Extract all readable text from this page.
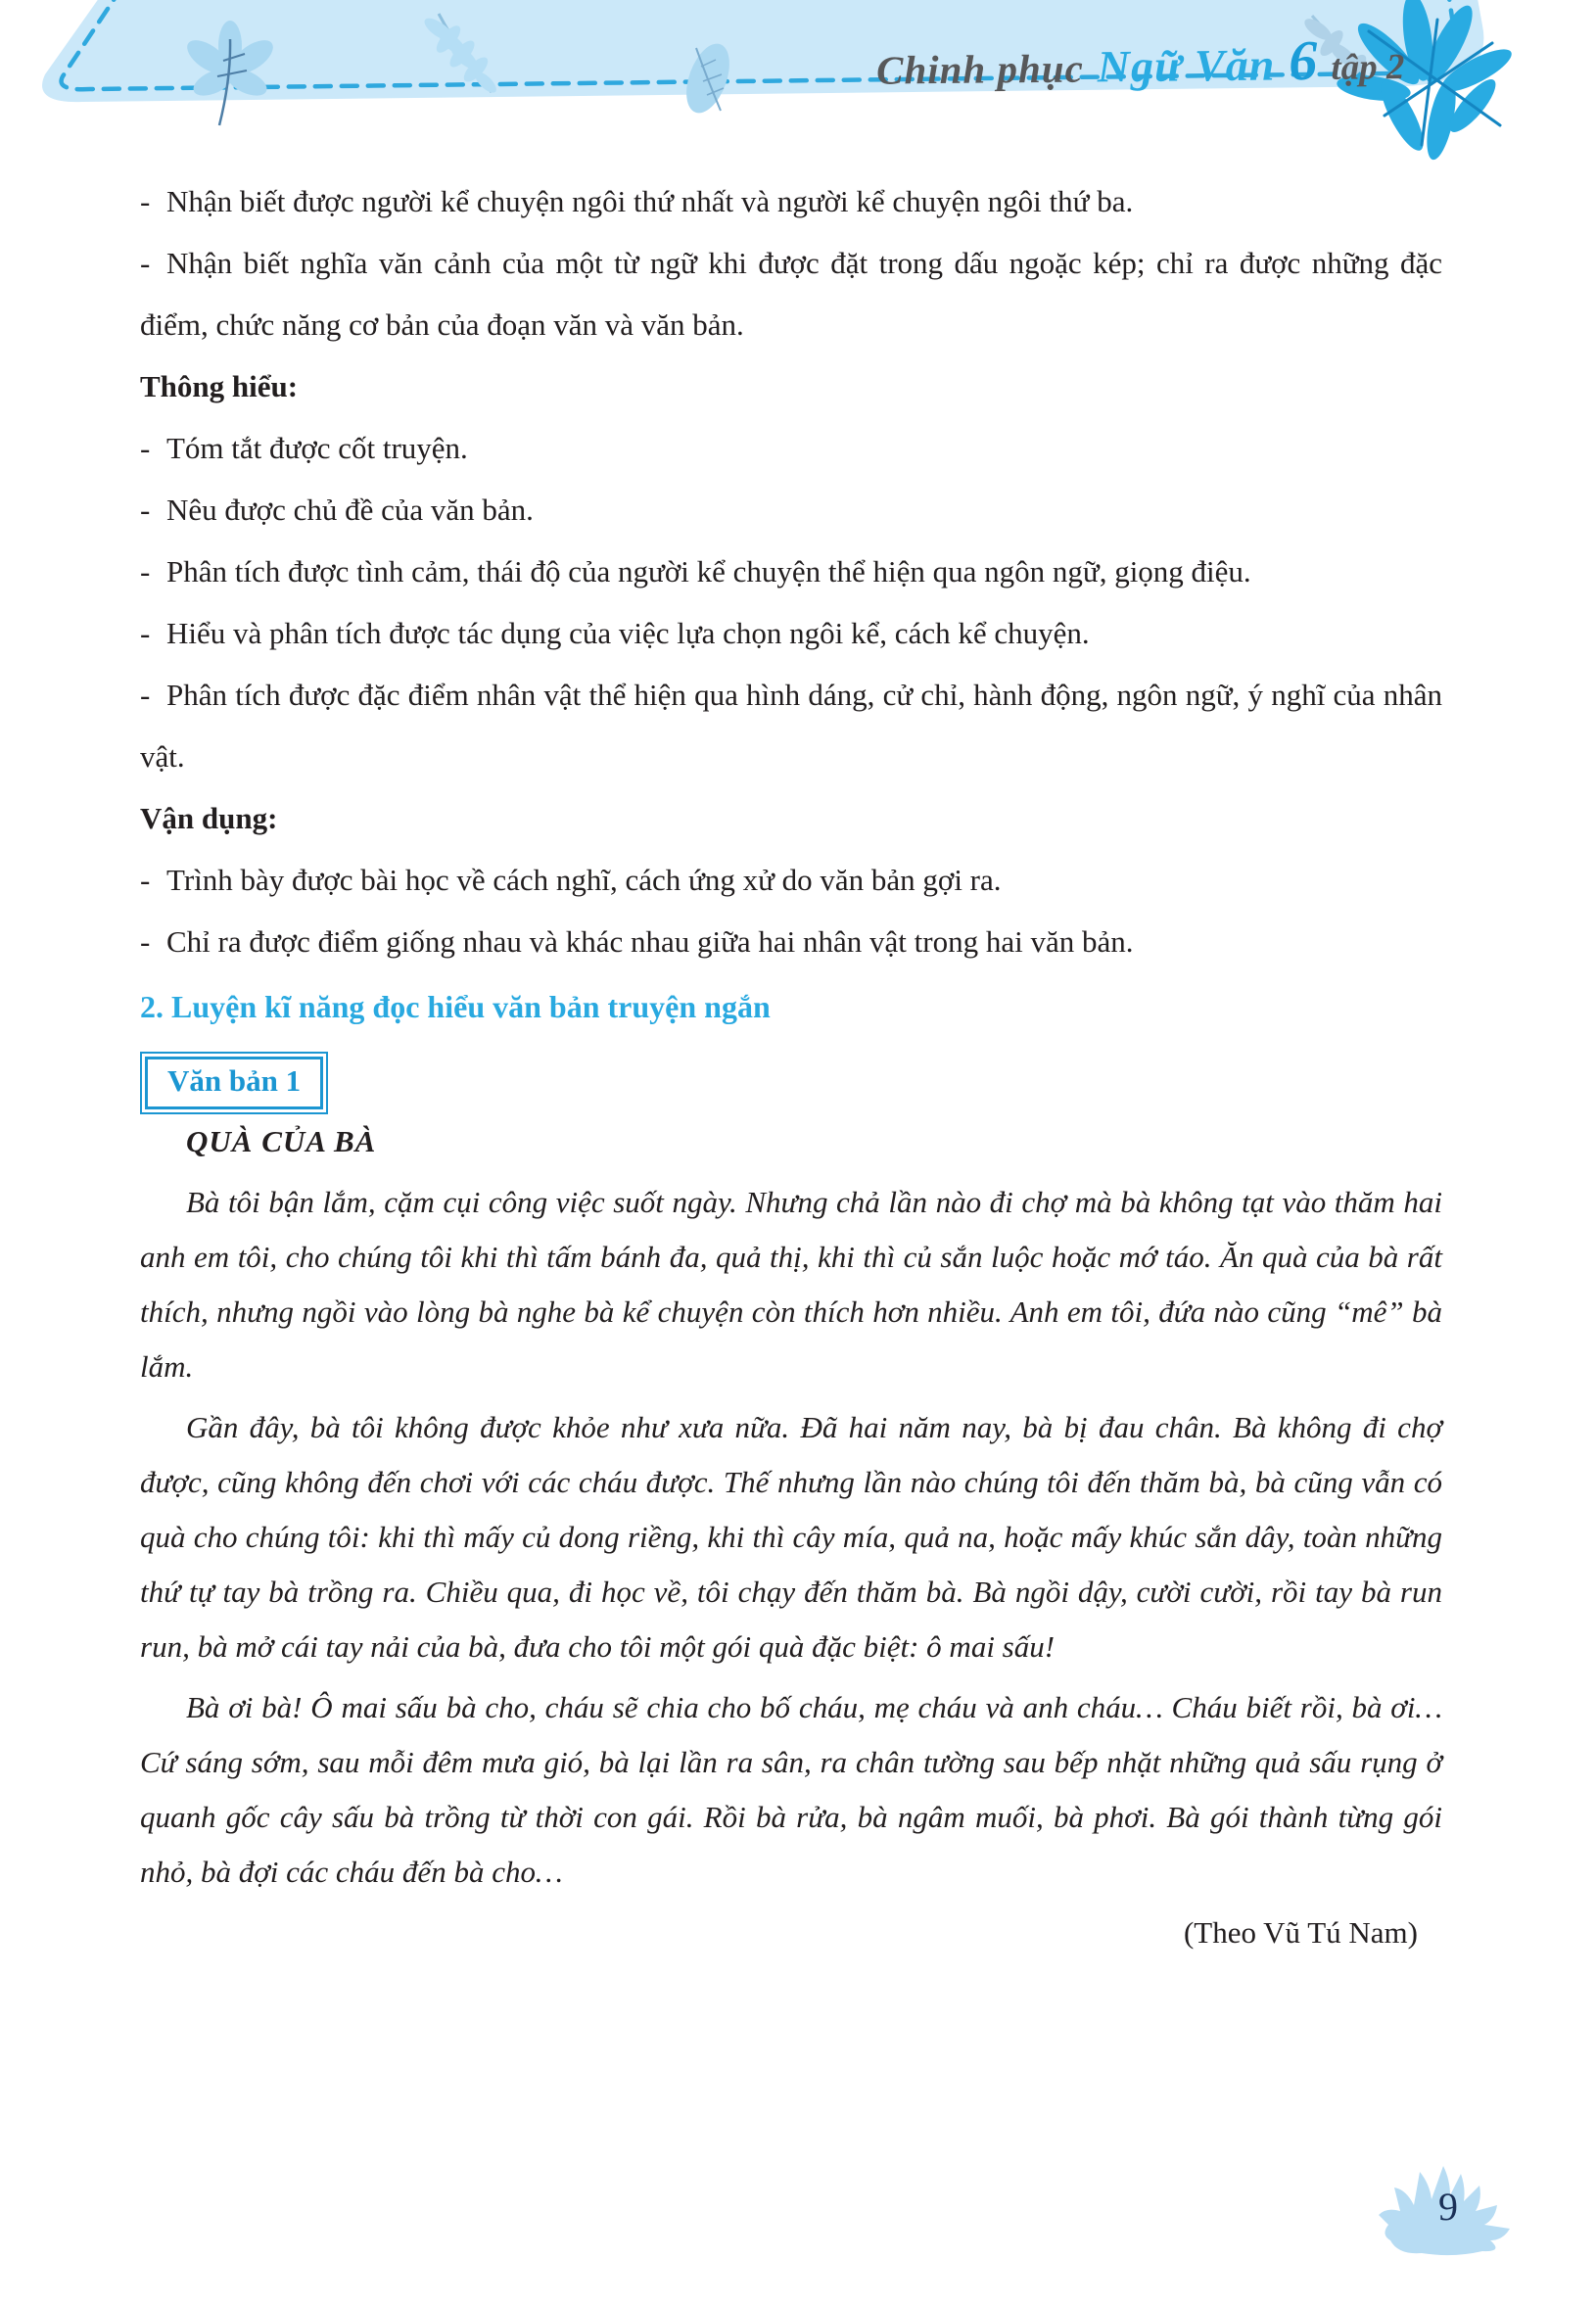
Chinh phục Ngữ Văn 6 tập 2

- Nhận biết được người kể chuyện ngôi thứ nhất và người kể chuyện ngôi thứ ba.

- Nhận biết nghĩa văn cảnh của một từ ngữ khi được đặt trong dấu ngoặc kép; chỉ ra được những đặc điểm, chức năng cơ bản của đoạn văn và văn bản.

Thông hiểu:

- Tóm tắt được cốt truyện.

- Nêu được chủ đề của văn bản.

- Phân tích được tình cảm, thái độ của người kể chuyện thể hiện qua ngôn ngữ, giọng điệu.

- Hiểu và phân tích được tác dụng của việc lựa chọn ngôi kể, cách kể chuyện.

- Phân tích được đặc điểm nhân vật thể hiện qua hình dáng, cử chỉ, hành động, ngôn ngữ, ý nghĩ của nhân vật.

Vận dụng:

- Trình bày được bài học về cách nghĩ, cách ứng xử do văn bản gợi ra.

- Chỉ ra được điểm giống nhau và khác nhau giữa hai nhân vật trong hai văn bản.

2. Luyện kĩ năng đọc hiểu văn bản truyện ngắn

Văn bản 1

QUÀ CỦA BÀ

Bà tôi bận lắm, cặm cụi công việc suốt ngày. Nhưng chả lần nào đi chợ mà bà không tạt vào thăm hai anh em tôi, cho chúng tôi khi thì tấm bánh đa, quả thị, khi thì củ sắn luộc hoặc mớ táo. Ăn quà của bà rất thích, nhưng ngồi vào lòng bà nghe bà kể chuyện còn thích hơn nhiều. Anh em tôi, đứa nào cũng “mê” bà lắm.

Gần đây, bà tôi không được khỏe như xưa nữa. Đã hai năm nay, bà bị đau chân. Bà không đi chợ được, cũng không đến chơi với các cháu được. Thế nhưng lần nào chúng tôi đến thăm bà, bà cũng vẫn có quà cho chúng tôi: khi thì mấy củ dong riềng, khi thì cây mía, quả na, hoặc mấy khúc sắn dây, toàn những thứ tự tay bà trồng ra. Chiều qua, đi học về, tôi chạy đến thăm bà. Bà ngồi dậy, cười cười, rồi tay bà run run, bà mở cái tay nải của bà, đưa cho tôi một gói quà đặc biệt: ô mai sấu!

Bà ơi bà! Ô mai sấu bà cho, cháu sẽ chia cho bố cháu, mẹ cháu và anh cháu… Cháu biết rồi, bà ơi… Cứ sáng sớm, sau mỗi đêm mưa gió, bà lại lần ra sân, ra chân tường sau bếp nhặt những quả sấu rụng ở quanh gốc cây sấu bà trồng từ thời con gái. Rồi bà rửa, bà ngâm muối, bà phơi. Bà gói thành từng gói nhỏ, bà đợi các cháu đến bà cho…

(Theo Vũ Tú Nam)

9
